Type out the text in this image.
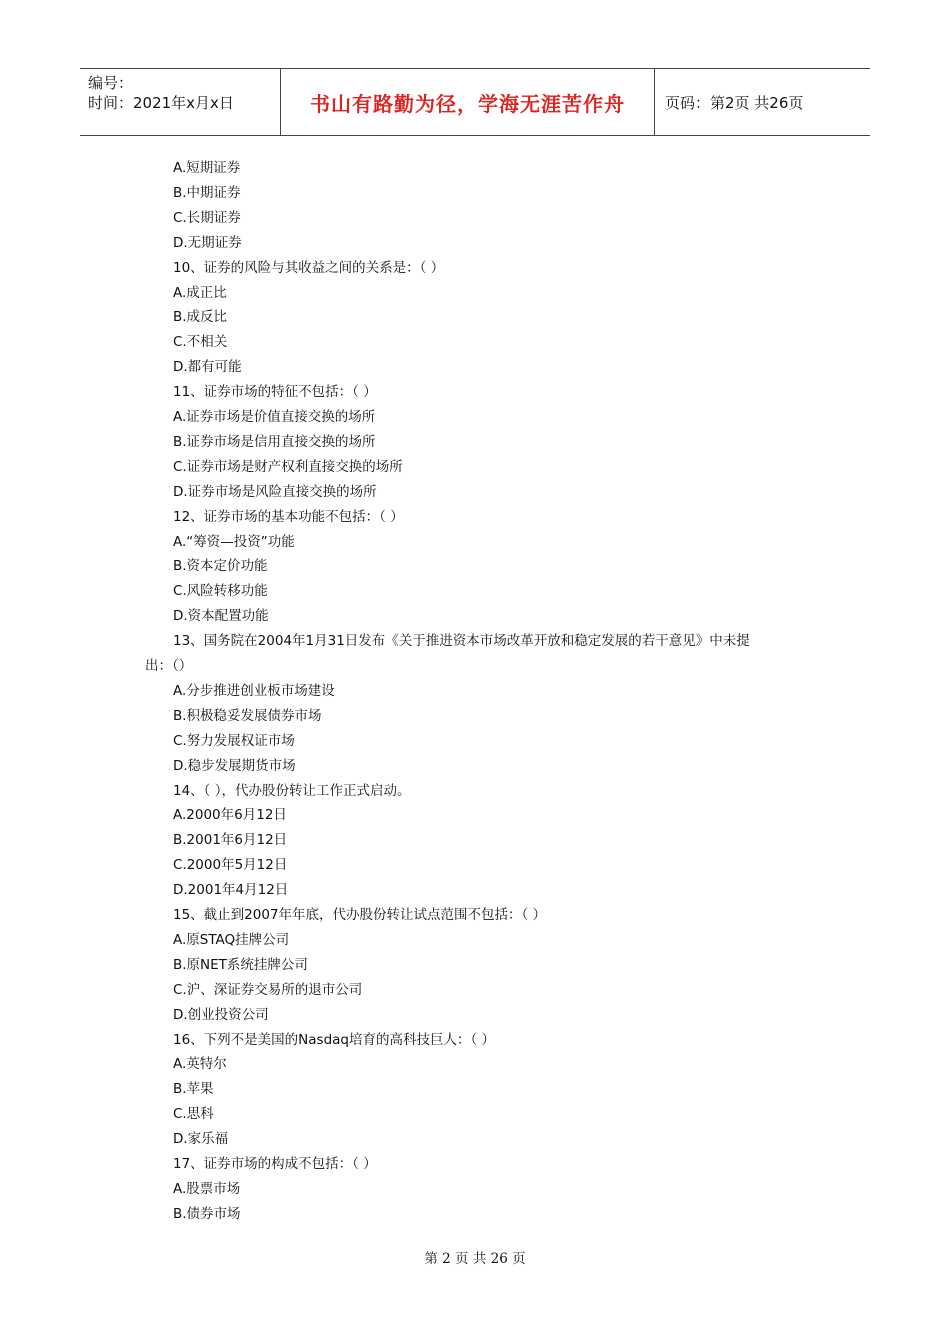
编号：
时间：2021年x月x日	书山有路勤为径，学海无涯苦作舟	页码：第2页 共26页
A.短期证券
B.中期证券
C.长期证券
D.无期证券
10、证券的风险与其收益之间的关系是：（ ）
A.成正比
B.成反比
C.不相关
D.都有可能
11、证券市场的特征不包括：（ ）
A.证券市场是价值直接交换的场所
B.证券市场是信用直接交换的场所
C.证券市场是财产权利直接交换的场所
D.证券市场是风险直接交换的场所
12、证券市场的基本功能不包括：（ ）
A.“筹资—投资”功能
B.资本定价功能
C.风险转移功能
D.资本配置功能
13、国务院在2004年1月31日发布《关于推进资本市场改革开放和稳定发展的若干意见》中未提
出：（）
A.分步推进创业板市场建设
B.积极稳妥发展债券市场
C.努力发展权证市场
D.稳步发展期货市场
14、（ ），代办股份转让工作正式启动。
A.2000年6月12日
B.2001年6月12日
C.2000年5月12日
D.2001年4月12日
15、截止到2007年年底，代办股份转让试点范围不包括：（ ）
A.原STAQ挂牌公司
B.原NET系统挂牌公司
C.沪、深证券交易所的退市公司
D.创业投资公司
16、下列不是美国的Nasdaq培育的高科技巨人：（ ）
A.英特尔
B.苹果
C.思科
D.家乐福
17、证券市场的构成不包括：（ ）
A.股票市场
B.债券市场
第 2 页 共 26 页
